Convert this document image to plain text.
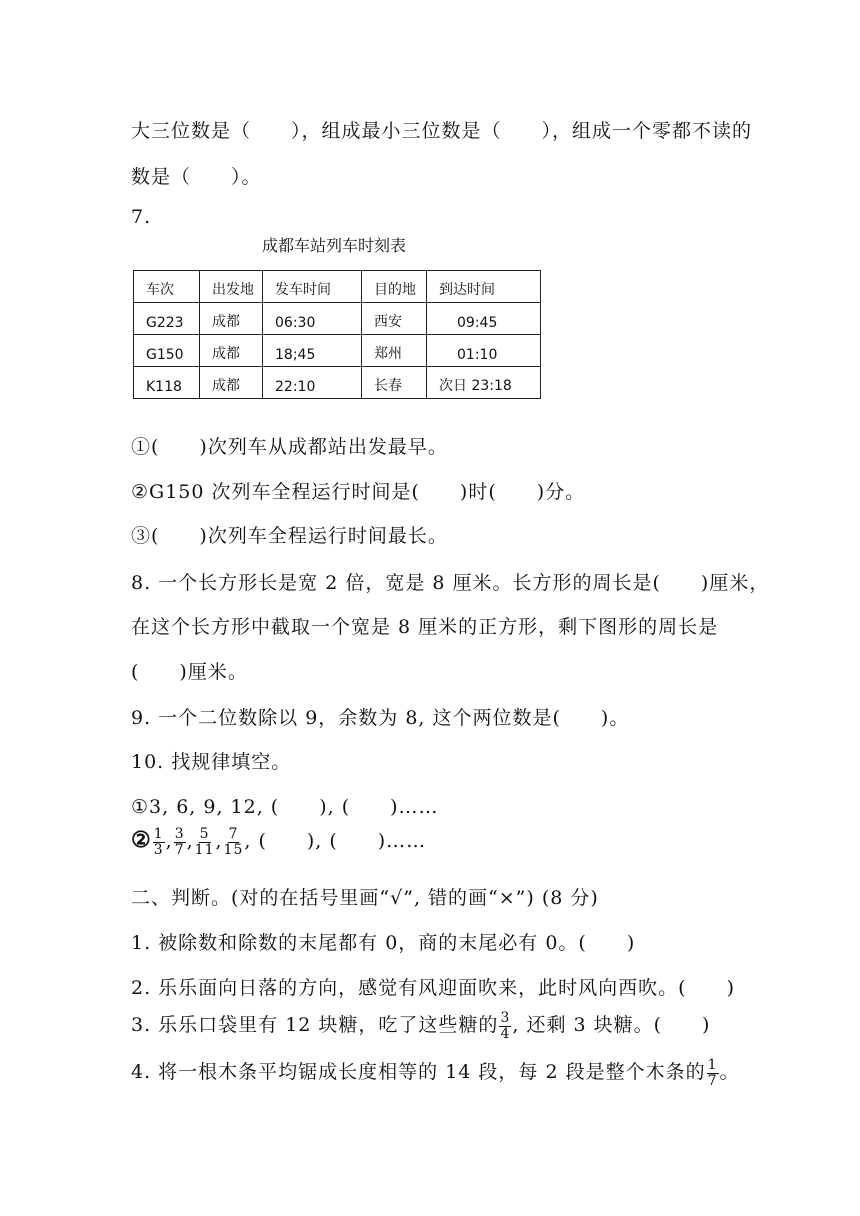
大三位数是（　　），组成最小三位数是（　　），组成一个零都不读的
数是（　　）。
7.
成都车站列车时刻表
车次	出发地	发车时间	目的地	到达时间
G223	成都	06:30	西安	09:45
G150	成都	18;45	郑州	01:10
K118	成都	22:10	长春	次日 23:18
①(　　)次列车从成都站出发最早。
②G150 次列车全程运行时间是(　　)时(　　)分。
③(　　)次列车全程运行时间最长。
8. 一个长方形长是宽 2 倍，宽是 8 厘米。长方形的周长是(　　)厘米，
在这个长方形中截取一个宽是 8 厘米的正方形，剩下图形的周长是
(　　)厘米。
9. 一个二位数除以 9，余数为 8, 这个两位数是(　　)。
10. 找规律填空。
①3, 6, 9, 12, (　　), (　　)……
② $\frac{1}{3}$ , $\frac{3}{7}$ , $\frac{5}{11}$ , $\frac{7}{15}$ , (　　), (　　)……
二、判断。(对的在括号里画“√”, 错的画“×”) (8 分)
1. 被除数和除数的末尾都有 0，商的末尾必有 0。(　　)
2. 乐乐面向日落的方向，感觉有风迎面吹来，此时风向西吹。(　　)
3. 乐乐口袋里有 12 块糖，吃了这些糖的 $\frac{3}{4}$ , 还剩 3 块糖。(　　)
4. 将一根木条平均锯成长度相等的 14 段，每 2 段是整个木条的 $\frac{1}{7}$ 。
